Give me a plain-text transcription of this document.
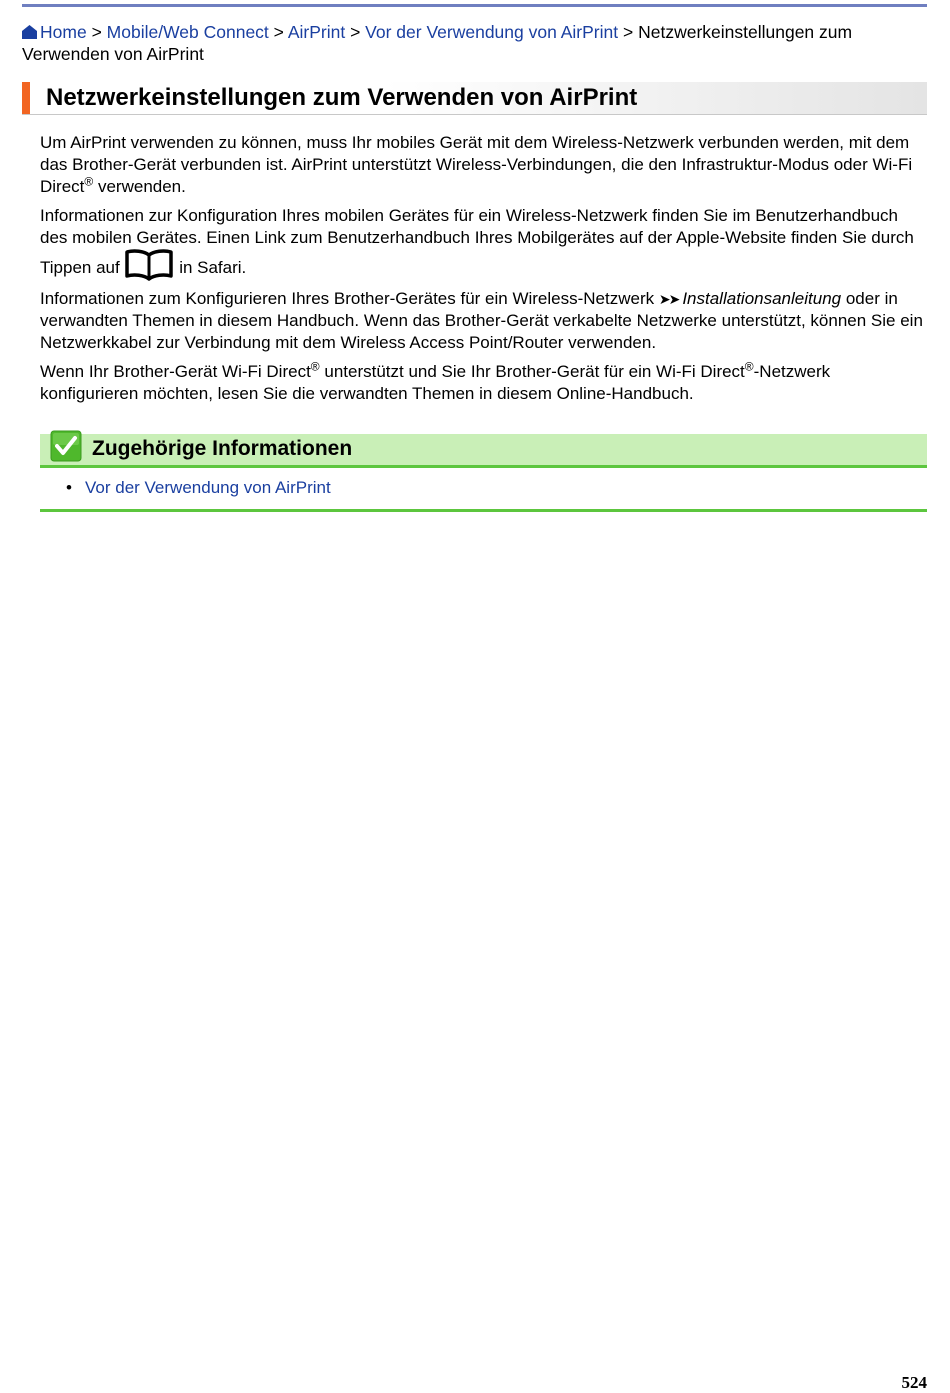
Home > Mobile/Web Connect > AirPrint > Vor der Verwendung von AirPrint > Netzwerkeinstellungen zum Verwenden von AirPrint
Netzwerkeinstellungen zum Verwenden von AirPrint

Um AirPrint verwenden zu können, muss Ihr mobiles Gerät mit dem Wireless-Netzwerk verbunden werden, mit dem das Brother-Gerät verbunden ist. AirPrint unterstützt Wireless-Verbindungen, die den Infrastruktur-Modus oder Wi-Fi Direct® verwenden.

Informationen zur Konfiguration Ihres mobilen Gerätes für ein Wireless-Netzwerk finden Sie im Benutzerhandbuch des mobilen Gerätes. Einen Link zum Benutzerhandbuch Ihres Mobilgerätes auf der Apple-Website finden Sie durch Tippen auf	in Safari.

Informationen zum Konfigurieren Ihres Brother-Gerätes für ein Wireless-Netzwerk ➤➤ Installationsanleitung oder in verwandten Themen in diesem Handbuch. Wenn das Brother-Gerät verkabelte Netzwerke unterstützt, können Sie ein Netzwerkkabel zur Verbindung mit dem Wireless Access Point/Router verwenden.

Wenn Ihr Brother-Gerät Wi-Fi Direct® unterstützt und Sie Ihr Brother-Gerät für ein Wi-Fi Direct®-Netzwerk konfigurieren möchten, lesen Sie die verwandten Themen in diesem Online-Handbuch.

Zugehörige Informationen
• Vor der Verwendung von AirPrint
524
